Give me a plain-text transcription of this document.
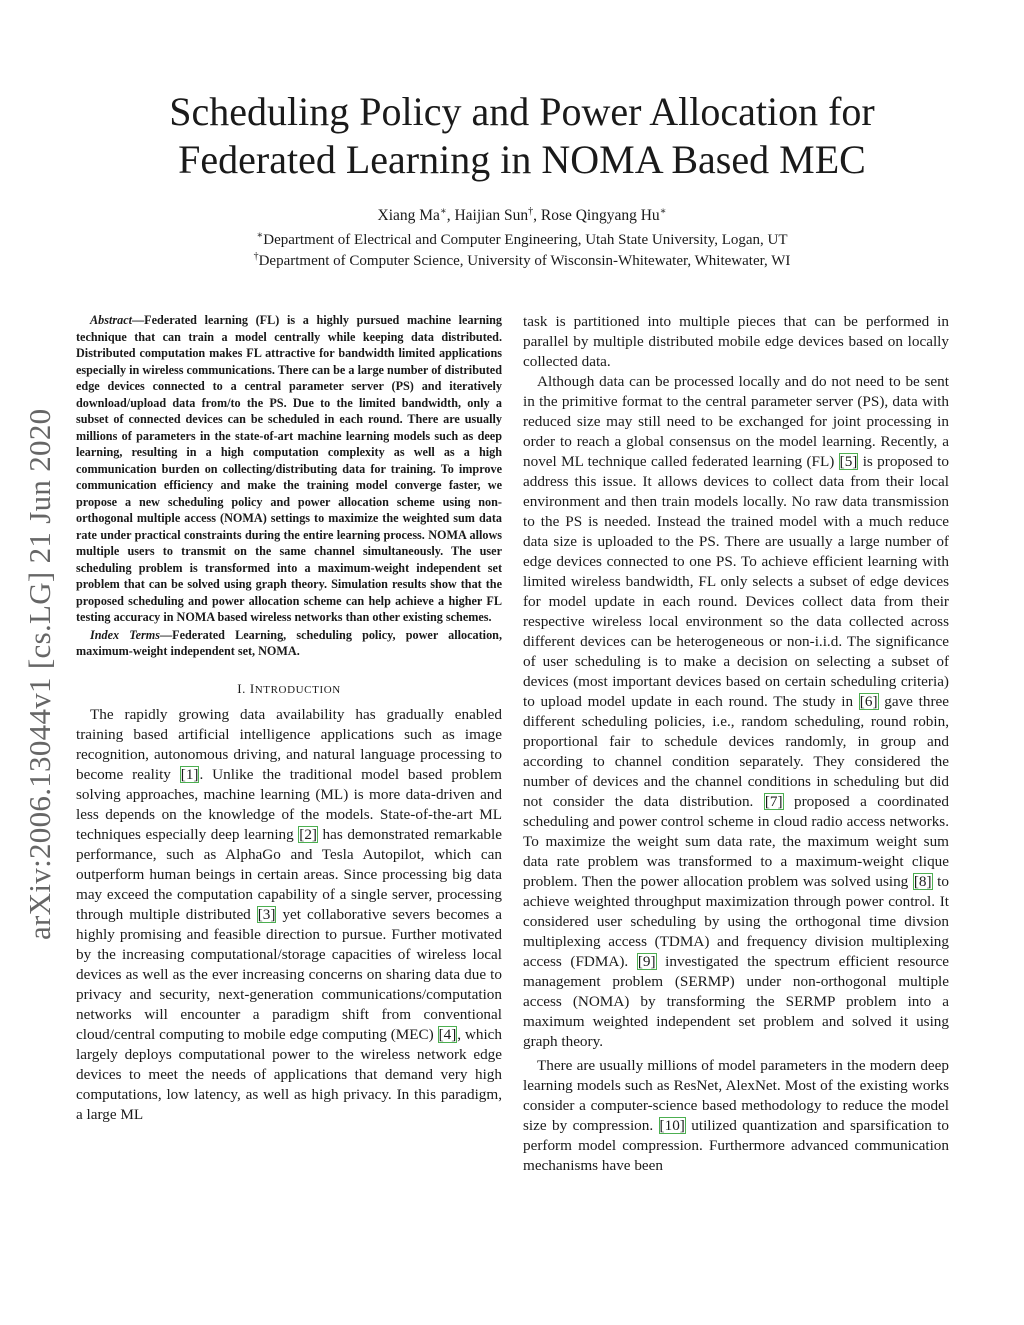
arXiv:2006.13044v1 [cs.LG] 21 Jun 2020
Scheduling Policy and Power Allocation for
Federated Learning in NOMA Based MEC
Xiang Ma∗, Haijian Sun†, Rose Qingyang Hu∗
∗Department of Electrical and Computer Engineering, Utah State University, Logan, UT
†Department of Computer Science, University of Wisconsin-Whitewater, Whitewater, WI

Abstract—Federated learning (FL) is a highly pursued machine learning technique that can train a model centrally while keeping data distributed. Distributed computation makes FL attractive for bandwidth limited applications especially in wireless communications. There can be a large number of distributed edge devices connected to a central parameter server (PS) and iteratively download/upload data from/to the PS. Due to the limited bandwidth, only a subset of connected devices can be scheduled in each round. There are usually millions of parameters in the state-of-art machine learning models such as deep learning, resulting in a high computation complexity as well as a high communication burden on collecting/distributing data for training. To improve communication efficiency and make the training model converge faster, we propose a new scheduling policy and power allocation scheme using non-orthogonal multiple access (NOMA) settings to maximize the weighted sum data rate under practical constraints during the entire learning process. NOMA allows multiple users to transmit on the same channel simultaneously. The user scheduling problem is transformed into a maximum-weight independent set problem that can be solved using graph theory. Simulation results show that the proposed scheduling and power allocation scheme can help achieve a higher FL testing accuracy in NOMA based wireless networks than other existing schemes.

Index Terms—Federated Learning, scheduling policy, power allocation, maximum-weight independent set, NOMA.

I. INTRODUCTION

The rapidly growing data availability has gradually enabled training based artificial intelligence applications such as image recognition, autonomous driving, and natural language processing to become reality [1]. Unlike the traditional model based problem solving approaches, machine learning (ML) is more data-driven and less depends on the knowledge of the models. State-of-the-art ML techniques especially deep learning [2] has demonstrated remarkable performance, such as AlphaGo and Tesla Autopilot, which can outperform human beings in certain areas. Since processing big data may exceed the computation capability of a single server, processing through multiple distributed [3] yet collaborative severs becomes a highly promising and feasible direction to pursue. Further motivated by the increasing computational/storage capacities of wireless local devices as well as the ever increasing concerns on sharing data due to privacy and security, next-generation communications/computation networks will encounter a paradigm shift from conventional cloud/central computing to mobile edge computing (MEC) [4], which largely deploys computational power to the wireless network edge devices to meet the needs of applications that demand very high computations, low latency, as well as high privacy. In this paradigm, a large ML

task is partitioned into multiple pieces that can be performed in parallel by multiple distributed mobile edge devices based on locally collected data.

Although data can be processed locally and do not need to be sent in the primitive format to the central parameter server (PS), data with reduced size may still need to be exchanged for joint processing in order to reach a global consensus on the model learning. Recently, a novel ML technique called federated learning (FL) [5] is proposed to address this issue. It allows devices to collect data from their local environment and then train models locally. No raw data transmission to the PS is needed. Instead the trained model with a much reduce data size is uploaded to the PS. There are usually a large number of edge devices connected to one PS. To achieve efficient learning with limited wireless bandwidth, FL only selects a subset of edge devices for model update in each round. Devices collect data from their respective wireless local environment so the data collected across different devices can be heterogeneous or non-i.i.d. The significance of user scheduling is to make a decision on selecting a subset of devices (most important devices based on certain scheduling criteria) to upload model update in each round. The study in [6] gave three different scheduling policies, i.e., random scheduling, round robin, proportional fair to schedule devices randomly, in group and according to channel condition separately. They considered the number of devices and the channel conditions in scheduling but did not consider the data distribution. [7] proposed a coordinated scheduling and power control scheme in cloud radio access networks. To maximize the weight sum data rate, the maximum weight sum data rate problem was transformed to a maximum-weight clique problem. Then the power allocation problem was solved using [8] to achieve weighted throughput maximization through power control. It considered user scheduling by using the orthogonal time divsion multiplexing access (TDMA) and frequency division multiplexing access (FDMA). [9] investigated the spectrum efficient resource management problem (SERMP) under non-orthogonal multiple access (NOMA) by transforming the SERMP problem into a maximum weighted independent set problem and solved it using graph theory.

There are usually millions of model parameters in the modern deep learning models such as ResNet, AlexNet. Most of the existing works consider a computer-science based methodology to reduce the model size by compression. [10] utilized quantization and sparsification to perform model compression. Furthermore advanced communication mechanisms have been
